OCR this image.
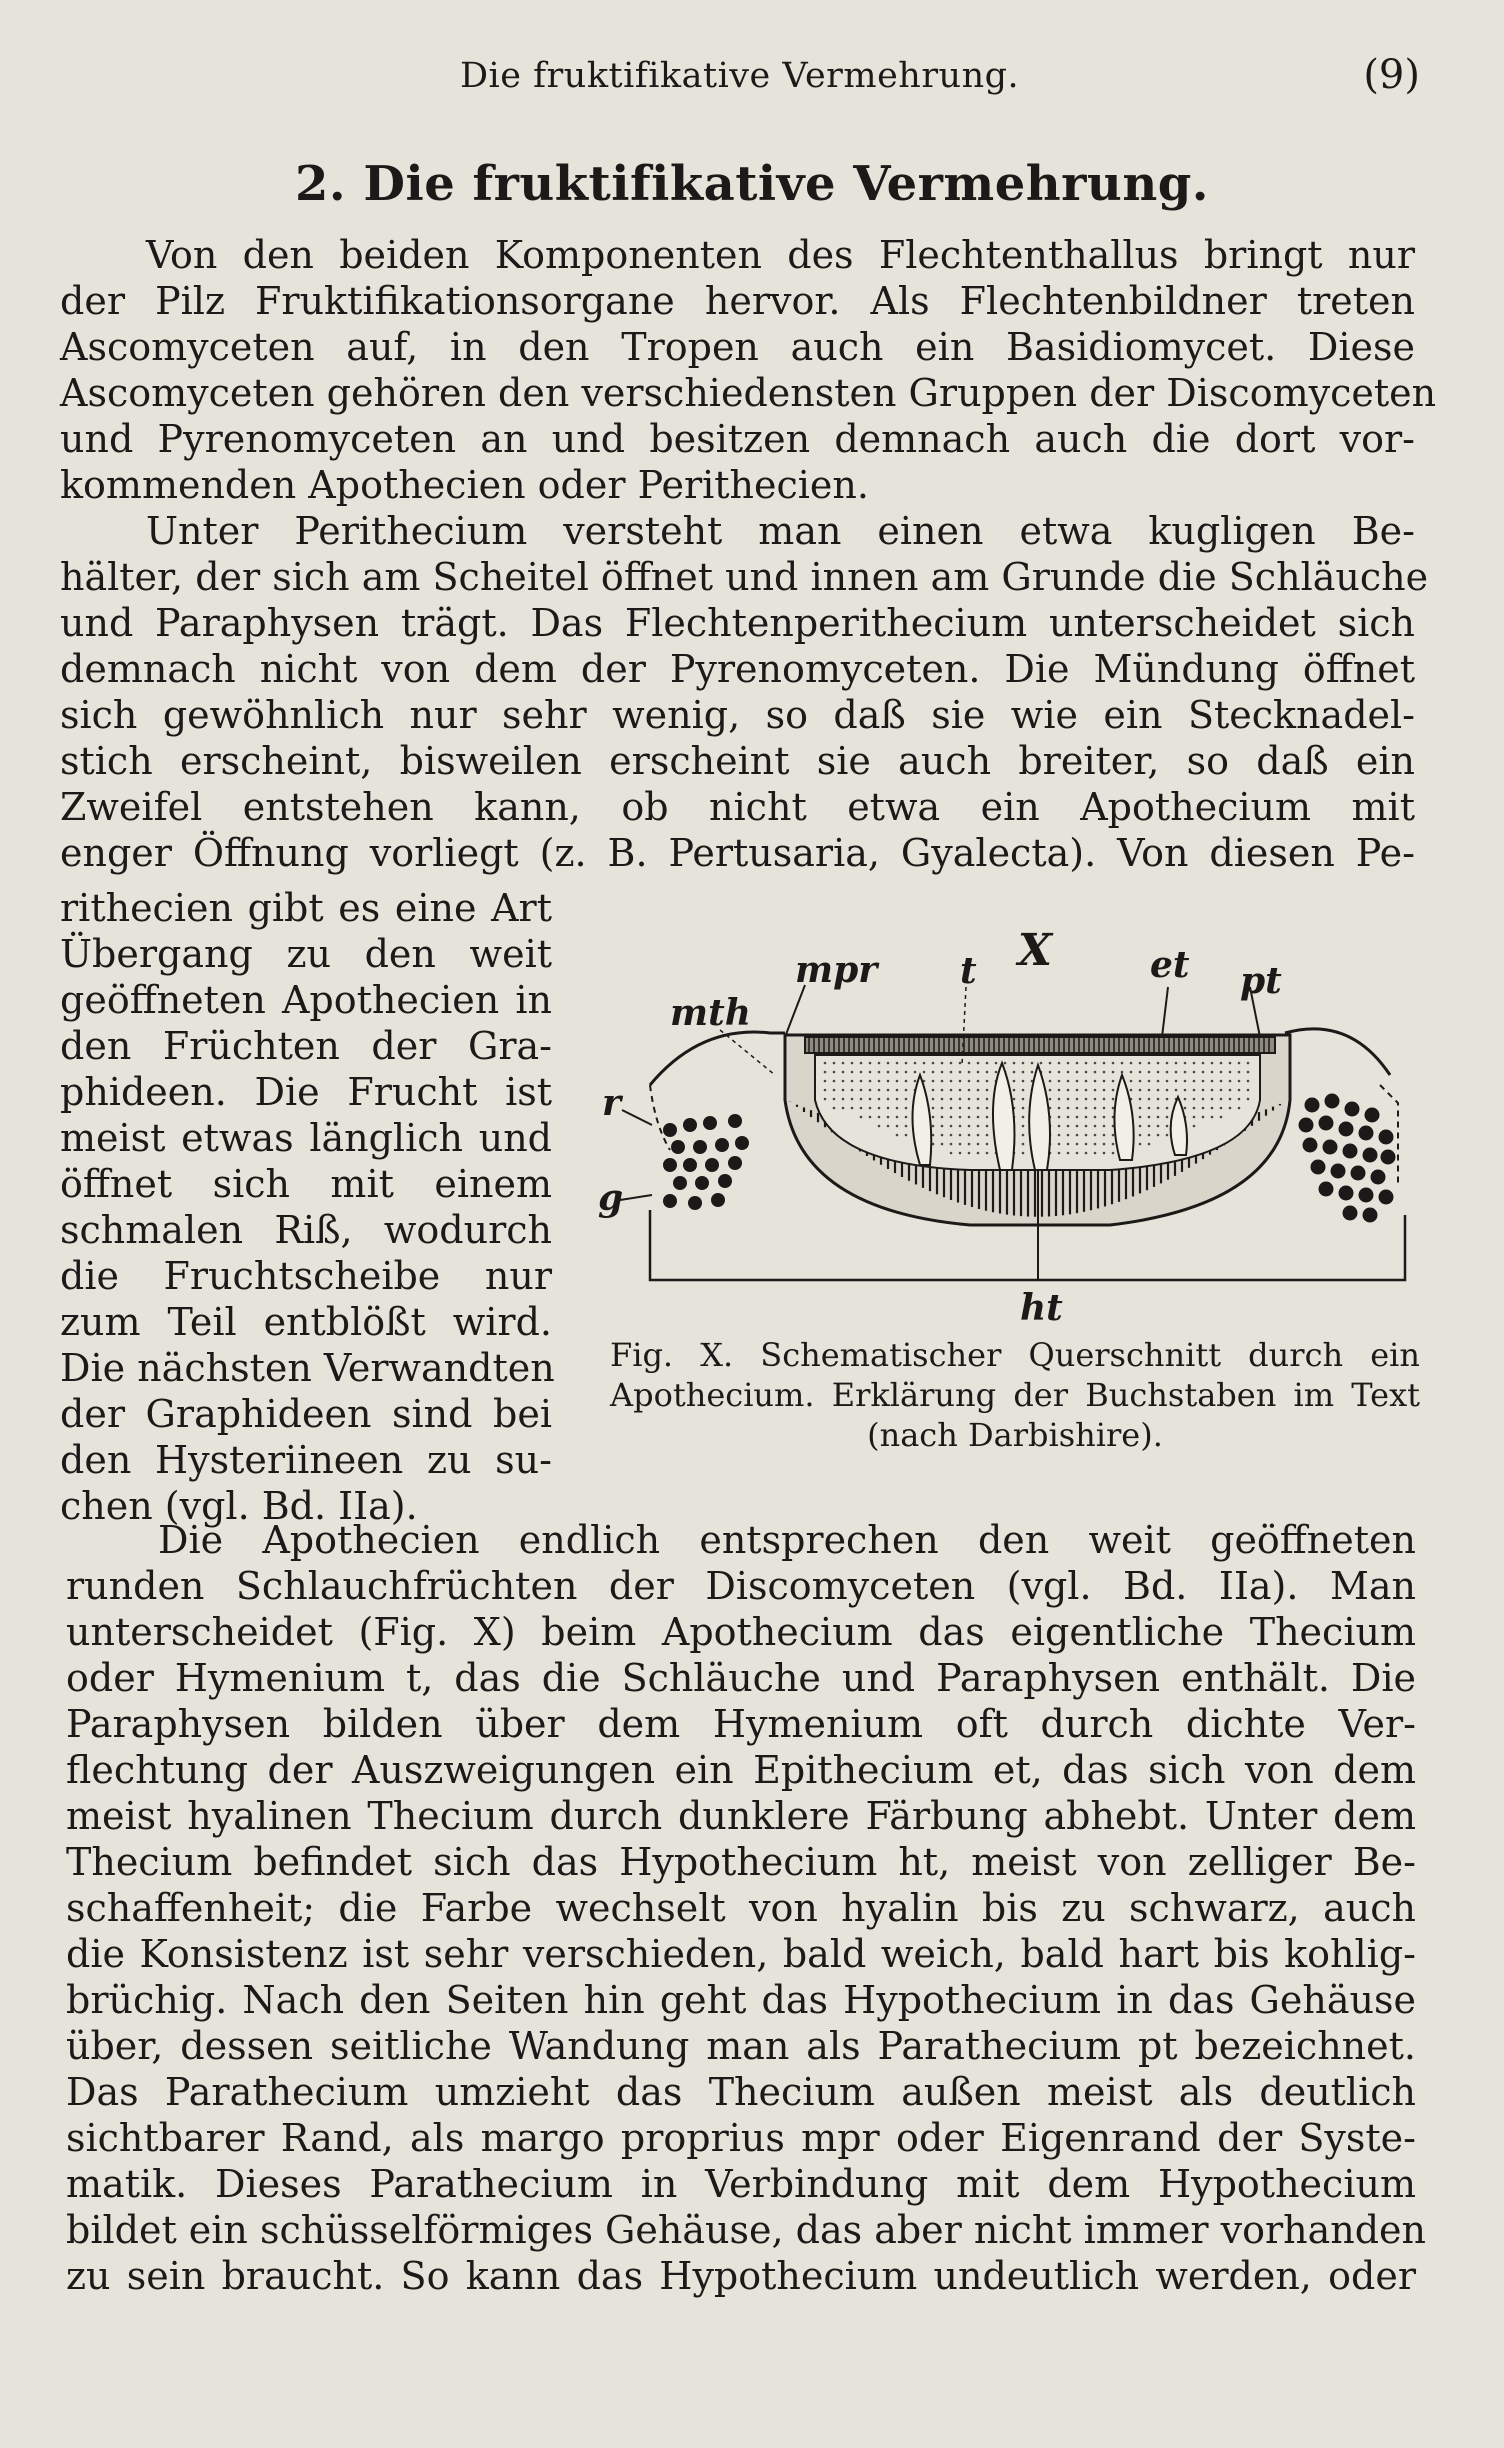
Die fruktifikative Vermehrung.	(9)
2. Die fruktifikative Vermehrung.
Von den beiden Komponenten des Flechtenthallus bringt nur
der Pilz Fruktifikationsorgane hervor. Als Flechtenbildner treten
Ascomyceten auf, in den Tropen auch ein Basidiomycet. Diese
Ascomyceten gehören den verschiedensten Gruppen der Discomyceten
und Pyrenomyceten an und besitzen demnach auch die dort vor-
kommenden Apothecien oder Perithecien.
Unter Perithecium versteht man einen etwa kugligen Be-
hälter, der sich am Scheitel öffnet und innen am Grunde die Schläuche
und Paraphysen trägt. Das Flechtenperithecium unterscheidet sich
demnach nicht von dem der Pyrenomyceten. Die Mündung öffnet
sich gewöhnlich nur sehr wenig, so daß sie wie ein Stecknadel-
stich erscheint, bisweilen erscheint sie auch breiter, so daß ein
Zweifel entstehen kann, ob nicht etwa ein Apothecium mit
enger Öffnung vorliegt (z. B. Pertusaria, Gyalecta). Von diesen Pe-
rithecien gibt es eine Art
Übergang zu den weit
geöffneten Apothecien in
den Früchten der Gra-
phideen. Die Frucht ist
meist etwas länglich und
öffnet sich mit einem
schmalen Riß, wodurch
die Fruchtscheibe nur
zum Teil entblößt wird.
Die nächsten Verwandten
der Graphideen sind bei
den Hysteriineen zu su-
chen (vgl. Bd. IIa).
X
mth
mpr t	et pt
r
g
ht
Fig. X. Schematischer Querschnitt durch ein
Apothecium. Erklärung der Buchstaben im Text
(nach Darbishire).
Die Apothecien endlich entsprechen den weit geöffneten
runden Schlauchfrüchten der Discomyceten (vgl. Bd. IIa). Man
unterscheidet (Fig. X) beim Apothecium das eigentliche Thecium
oder Hymenium t, das die Schläuche und Paraphysen enthält. Die
Paraphysen bilden über dem Hymenium oft durch dichte Ver-
flechtung der Auszweigungen ein Epithecium et, das sich von dem
meist hyalinen Thecium durch dunklere Färbung abhebt. Unter dem
Thecium befindet sich das Hypothecium ht, meist von zelliger Be-
schaffenheit; die Farbe wechselt von hyalin bis zu schwarz, auch
die Konsistenz ist sehr verschieden, bald weich, bald hart bis kohlig-
brüchig. Nach den Seiten hin geht das Hypothecium in das Gehäuse
über, dessen seitliche Wandung man als Parathecium pt bezeichnet.
Das Parathecium umzieht das Thecium außen meist als deutlich
sichtbarer Rand, als margo proprius mpr oder Eigenrand der Syste-
matik. Dieses Parathecium in Verbindung mit dem Hypothecium
bildet ein schüsselförmiges Gehäuse, das aber nicht immer vorhanden
zu sein braucht. So kann das Hypothecium undeutlich werden, oder
